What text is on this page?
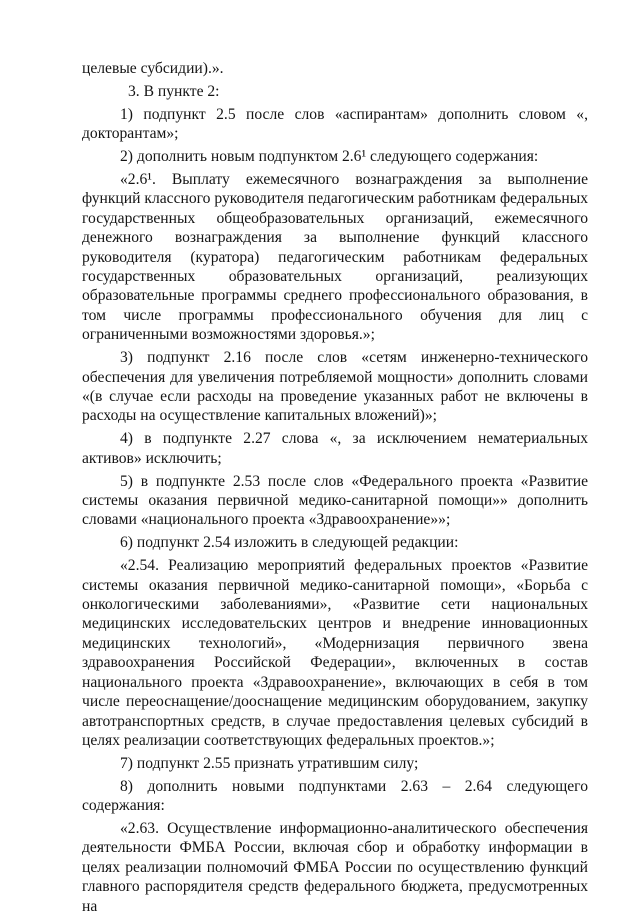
целевые субсидии).».

3. В пункте 2:

1) подпункт 2.5 после слов «аспирантам» дополнить словом «, докторантам»;

2) дополнить новым подпунктом 2.6¹ следующего содержания:

«2.6¹. Выплату ежемесячного вознаграждения за выполнение функций классного руководителя педагогическим работникам федеральных государственных общеобразовательных организаций, ежемесячного денежного вознаграждения за выполнение функций классного руководителя (куратора) педагогическим работникам федеральных государственных образовательных организаций, реализующих образовательные программы среднего профессионального образования, в том числе программы профессионального обучения для лиц с ограниченными возможностями здоровья.»;

3) подпункт 2.16 после слов «сетям инженерно-технического обеспечения для увеличения потребляемой мощности» дополнить словами «(в случае если расходы на проведение указанных работ не включены в расходы на осуществление капитальных вложений)»;

4) в подпункте 2.27 слова «, за исключением нематериальных активов» исключить;

5) в подпункте 2.53 после слов «Федерального проекта «Развитие системы оказания первичной медико-санитарной помощи»» дополнить словами «национального проекта «Здравоохранение»»;

6) подпункт 2.54 изложить в следующей редакции:

«2.54. Реализацию мероприятий федеральных проектов «Развитие системы оказания первичной медико-санитарной помощи», «Борьба с онкологическими заболеваниями», «Развитие сети национальных медицинских исследовательских центров и внедрение инновационных медицинских технологий», «Модернизация первичного звена здравоохранения Российской Федерации», включенных в состав национального проекта «Здравоохранение», включающих в себя в том числе переоснащение/дооснащение медицинским оборудованием, закупку автотранспортных средств, в случае предоставления целевых субсидий в целях реализации соответствующих федеральных проектов.»;

7) подпункт 2.55 признать утратившим силу;

8) дополнить новыми подпунктами 2.63 – 2.64 следующего содержания:

«2.63. Осуществление информационно-аналитического обеспечения деятельности ФМБА России, включая сбор и обработку информации в целях реализации полномочий ФМБА России по осуществлению функций главного распорядителя средств федерального бюджета, предусмотренных на
